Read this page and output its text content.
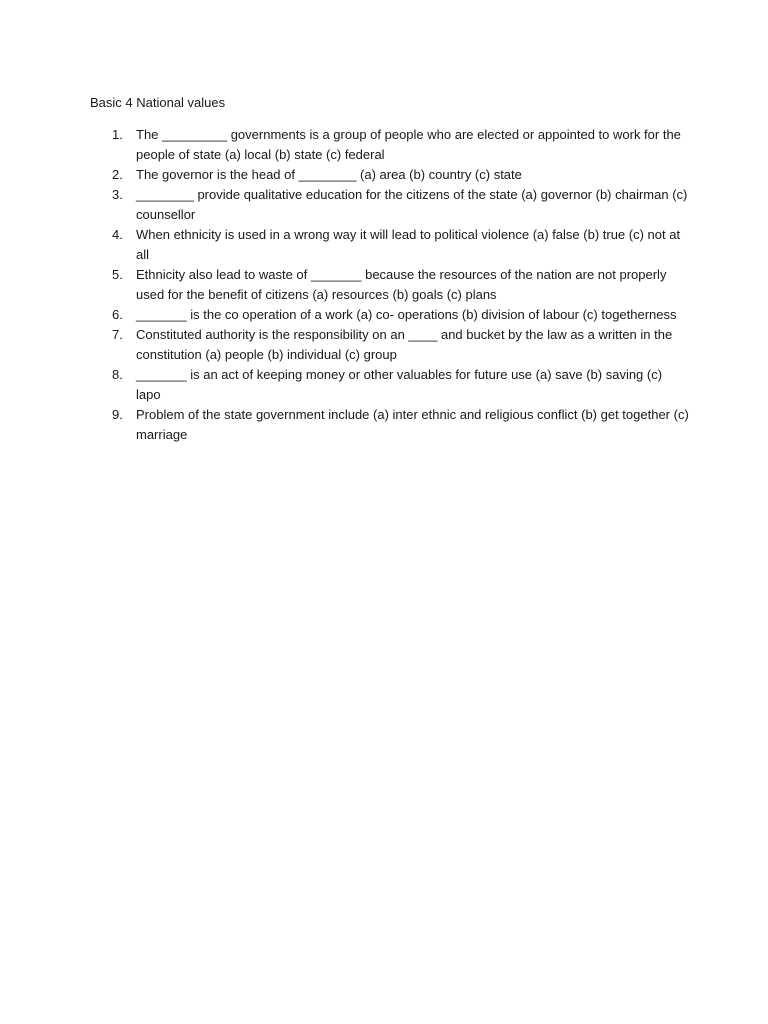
Basic 4 National values
1.	The _________ governments is a group of people who are elected or appointed to work for the people of state (a) local (b) state (c) federal
2.	The governor is the head of ________ (a) area (b) country (c) state
3.	________ provide qualitative education for the citizens of the state (a) governor (b) chairman (c) counsellor
4.	When ethnicity is used in a wrong way it will lead to political violence (a) false (b) true (c) not at all
5.	Ethnicity also lead to waste of _______ because the resources of the nation are not properly used for the benefit of citizens (a) resources (b) goals (c) plans
6.	_______ is the co operation of a work (a) co- operations (b) division of labour (c) togetherness
7.	Constituted authority is the responsibility on an ____ and bucket by the law as a written in the constitution (a) people (b) individual (c) group
8.	_______ is an act of keeping money or other valuables for future use (a) save (b) saving (c) lapo
9.	Problem of the state government include (a) inter ethnic and religious conflict (b) get together (c) marriage
